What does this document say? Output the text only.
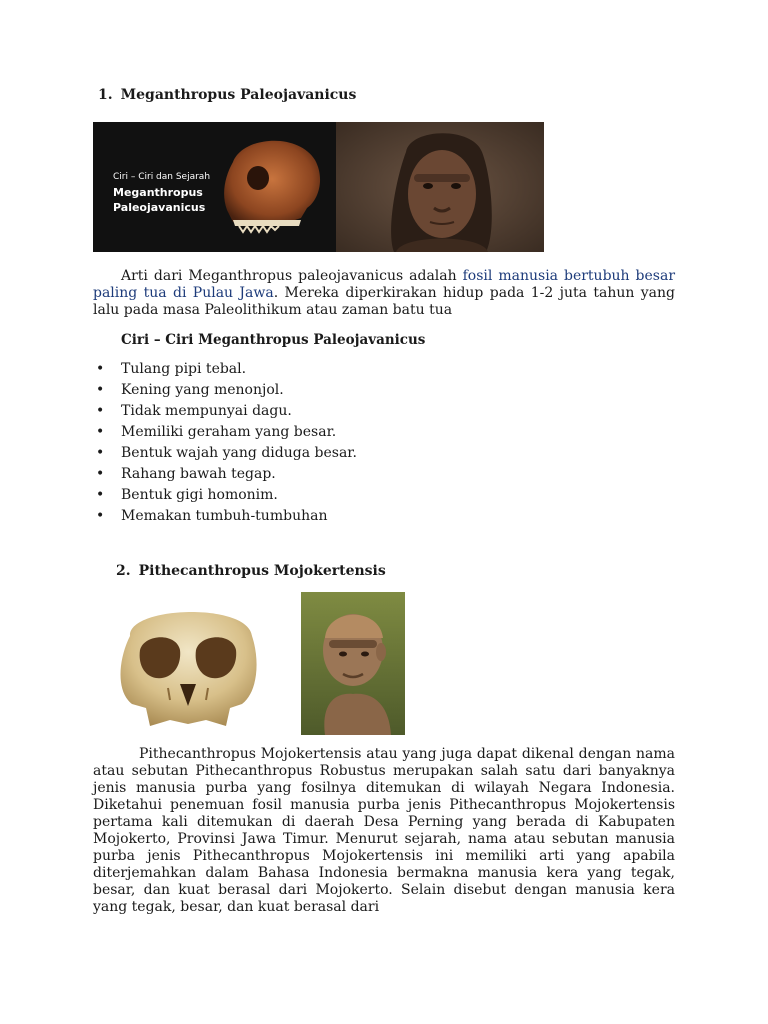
1. Meganthropus Paleojavanicus
Ciri – Ciri dan Sejarah
Meganthropus
Paleojavanicus

Arti dari Meganthropus paleojavanicus adalah fosil manusia bertubuh besar paling tua di Pulau Jawa. Mereka diperkirakan hidup pada 1-2 juta tahun yang lalu pada masa Paleolithikum atau zaman batu tua

Ciri – Ciri Meganthropus Paleojavanicus
• Tulang pipi tebal.
• Kening yang menonjol.
• Tidak mempunyai dagu.
• Memiliki geraham yang besar.
• Bentuk wajah yang diduga besar.
• Rahang bawah tegap.
• Bentuk gigi homonim.
• Memakan tumbuh-tumbuhan
2. Pithecanthropus Mojokertensis

Pithecanthropus Mojokertensis atau yang juga dapat dikenal dengan nama atau sebutan Pithecanthropus Robustus merupakan salah satu dari banyaknya jenis manusia purba yang fosilnya ditemukan di wilayah Negara Indonesia. Diketahui penemuan fosil manusia purba jenis Pithecanthropus Mojokertensis pertama kali ditemukan di daerah Desa Perning yang berada di Kabupaten Mojokerto, Provinsi Jawa Timur. Menurut sejarah, nama atau sebutan manusia purba jenis Pithecanthropus Mojokertensis ini memiliki arti yang apabila diterjemahkan dalam Bahasa Indonesia bermakna manusia kera yang tegak, besar, dan kuat berasal dari Mojokerto. Selain disebut dengan manusia kera yang tegak, besar, dan kuat berasal dari
